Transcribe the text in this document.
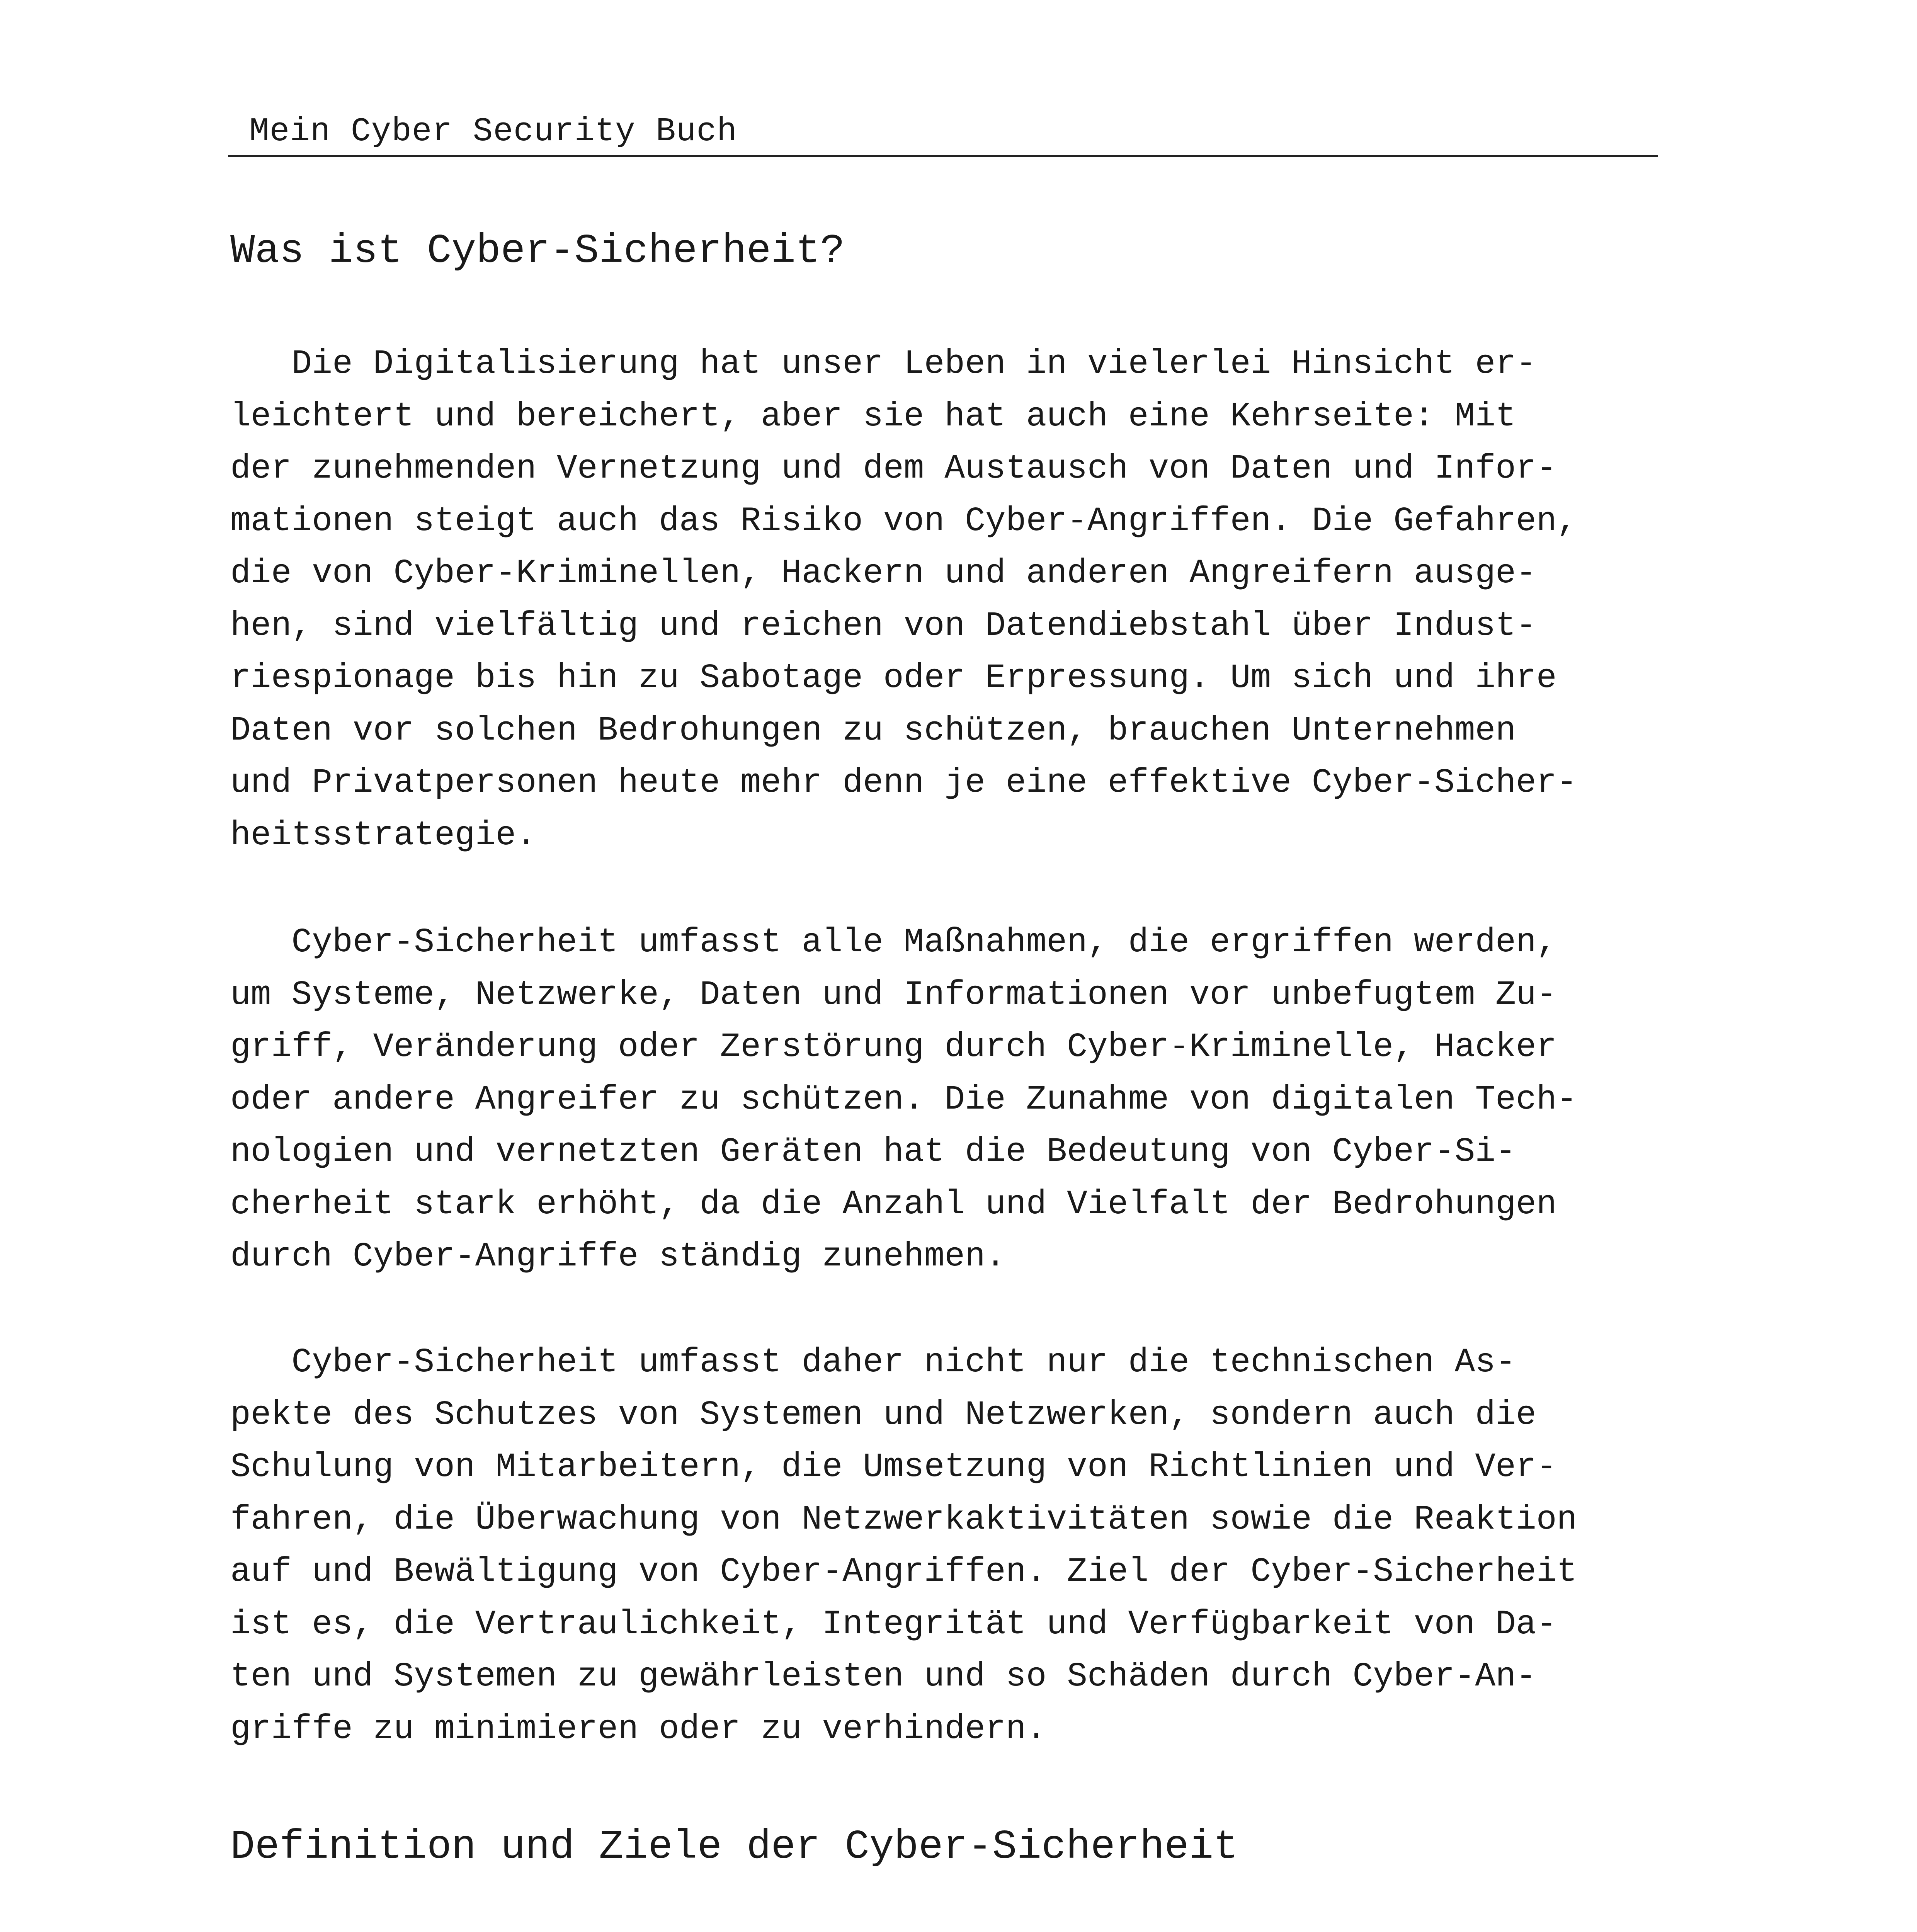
Mein Cyber Security Buch
Was ist Cyber-Sicherheit?

Die Digitalisierung hat unser Leben in vielerlei Hinsicht er-
leichtert und bereichert, aber sie hat auch eine Kehrseite: Mit
der zunehmenden Vernetzung und dem Austausch von Daten und Infor-
mationen steigt auch das Risiko von Cyber-Angriffen. Die Gefahren,
die von Cyber-Kriminellen, Hackern und anderen Angreifern ausge-
hen, sind vielfältig und reichen von Datendiebstahl über Indust-
riespionage bis hin zu Sabotage oder Erpressung. Um sich und ihre
Daten vor solchen Bedrohungen zu schützen, brauchen Unternehmen
und Privatpersonen heute mehr denn je eine effektive Cyber-Sicher-
heitsstrategie.

Cyber-Sicherheit umfasst alle Maßnahmen, die ergriffen werden,
um Systeme, Netzwerke, Daten und Informationen vor unbefugtem Zu-
griff, Veränderung oder Zerstörung durch Cyber-Kriminelle, Hacker
oder andere Angreifer zu schützen. Die Zunahme von digitalen Tech-
nologien und vernetzten Geräten hat die Bedeutung von Cyber-Si-
cherheit stark erhöht, da die Anzahl und Vielfalt der Bedrohungen
durch Cyber-Angriffe ständig zunehmen.

Cyber-Sicherheit umfasst daher nicht nur die technischen As-
pekte des Schutzes von Systemen und Netzwerken, sondern auch die
Schulung von Mitarbeitern, die Umsetzung von Richtlinien und Ver-
fahren, die Überwachung von Netzwerkaktivitäten sowie die Reaktion
auf und Bewältigung von Cyber-Angriffen. Ziel der Cyber-Sicherheit
ist es, die Vertraulichkeit, Integrität und Verfügbarkeit von Da-
ten und Systemen zu gewährleisten und so Schäden durch Cyber-An-
griffe zu minimieren oder zu verhindern.

Definition und Ziele der Cyber-Sicherheit
